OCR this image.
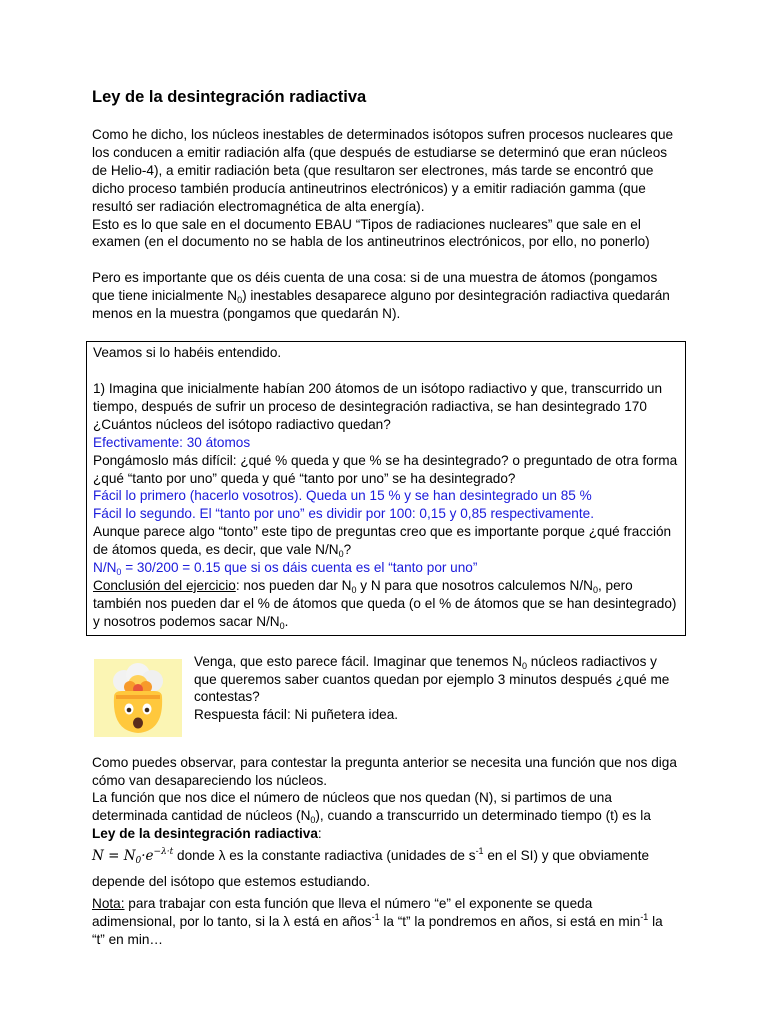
Ley de la desintegración radiactiva

Como he dicho, los núcleos inestables de determinados isótopos sufren procesos nucleares que los conducen a emitir radiación alfa (que después de estudiarse se determinó que eran núcleos de Helio-4), a emitir radiación beta (que resultaron ser electrones, más tarde se encontró que dicho proceso también producía antineutrinos electrónicos) y a emitir radiación gamma (que resultó ser radiación electromagnética de alta energía).

Esto es lo que sale en el documento EBAU “Tipos de radiaciones nucleares” que sale en el examen (en el documento no se habla de los antineutrinos electrónicos, por ello, no ponerlo)

Pero es importante que os déis cuenta de una cosa: si de una muestra de átomos (pongamos que tiene inicialmente $N_0$) inestables desaparece alguno por desintegración radiactiva quedarán menos en la muestra (pongamos que quedarán N).

Veamos si lo habéis entendido.

1) Imagina que inicialmente habían 200 átomos de un isótopo radiactivo y que, transcurrido un tiempo, después de sufrir un proceso de desintegración radiactiva, se han desintegrado 170 ¿Cuántos núcleos del isótopo radiactivo quedan?

Efectivamente: 30 átomos

Pongámoslo más difícil: ¿qué % queda y que % se ha desintegrado? o preguntado de otra forma ¿qué “tanto por uno” queda y qué “tanto por uno” se ha desintegrado?

Fácil lo primero (hacerlo vosotros). Queda un 15 % y se han desintegrado un 85 %

Fácil lo segundo. El “tanto por uno” es dividir por 100: 0,15 y 0,85 respectivamente.

Aunque parece algo “tonto” este tipo de preguntas creo que es importante porque ¿qué fracción de átomos queda, es decir, que vale $N/N_0$?

$N/N_0 = 30/200 = 0.15$ que si os dáis cuenta es el “tanto por uno”

Conclusión del ejercicio: nos pueden dar $N_0$ y N para que nosotros calculemos $N/N_0$, pero también nos pueden dar el % de átomos que queda (o el % de átomos que se han desintegrado) y nosotros podemos sacar $N/N_0$.

Venga, que esto parece fácil. Imaginar que tenemos $N_0$ núcleos radiactivos y que queremos saber cuantos quedan por ejemplo 3 minutos después ¿qué me contestas?

Respuesta fácil: Ni puñetera idea.

Como puedes observar, para contestar la pregunta anterior se necesita una función que nos diga cómo van desapareciendo los núcleos.

La función que nos dice el número de núcleos que nos quedan (N), si partimos de una determinada cantidad de núcleos $(N_0)$, cuando a transcurrido un determinado tiempo (t) es la Ley de la desintegración radiactiva:

$N = N_0\cdot e^{-\lambda\cdot t}$ donde λ es la constante radiactiva (unidades de $s^{-1}$ en el SI) y que obviamente depende del isótopo que estemos estudiando.

Nota: para trabajar con esta función que lleva el número “e” el exponente se queda adimensional, por lo tanto, si la λ está en años$^{-1}$ la “t” la pondremos en años, si está en $\min^{-1}$ la “t” en min…
